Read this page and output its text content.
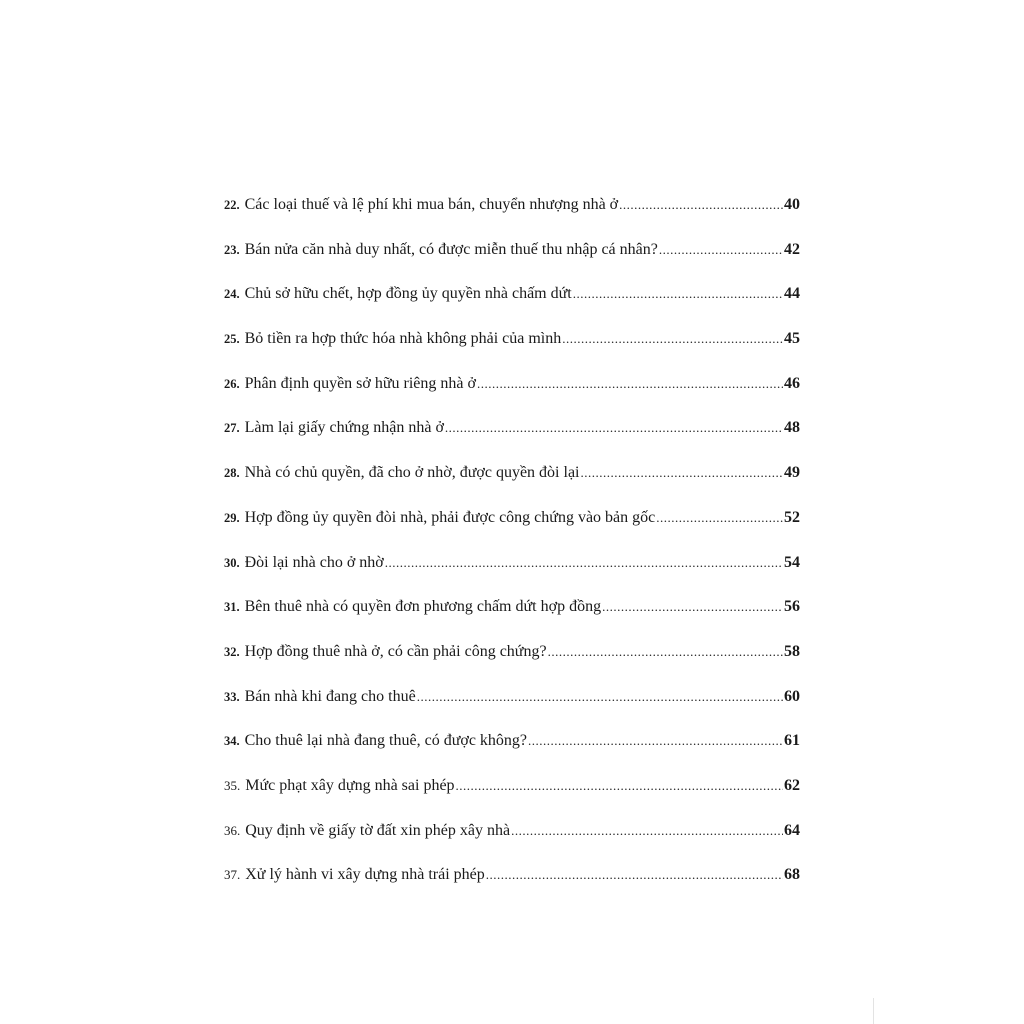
22. Các loại thuế và lệ phí khi mua bán, chuyển nhượng nhà ở .....	40
23. Bán nửa căn nhà duy nhất, có được miễn thuế thu nhập cá nhân? .....	42
24. Chủ sở hữu chết, hợp đồng ủy quyền nhà chấm dứt .....	44
25. Bỏ tiền ra hợp thức hóa nhà không phải của mình .....	45
26. Phân định quyền sở hữu riêng nhà ở .....	46
27. Làm lại giấy chứng nhận nhà ở .....	48
28. Nhà có chủ quyền, đã cho ở nhờ, được quyền đòi lại .....	49
29. Hợp đồng ủy quyền đòi nhà, phải được công chứng vào bản gốc .....	52
30. Đòi lại nhà cho ở nhờ .....	54
31. Bên thuê nhà có quyền đơn phương chấm dứt hợp đồng .....	56
32. Hợp đồng thuê nhà ở, có cần phải công chứng? .....	58
33. Bán nhà khi đang cho thuê .....	60
34. Cho thuê lại nhà đang thuê, có được không? .....	61
35. Mức phạt xây dựng nhà sai phép .....	62
36. Quy định về giấy tờ đất xin phép xây nhà .....	64
37. Xử lý hành vi xây dựng nhà trái phép .....	68
